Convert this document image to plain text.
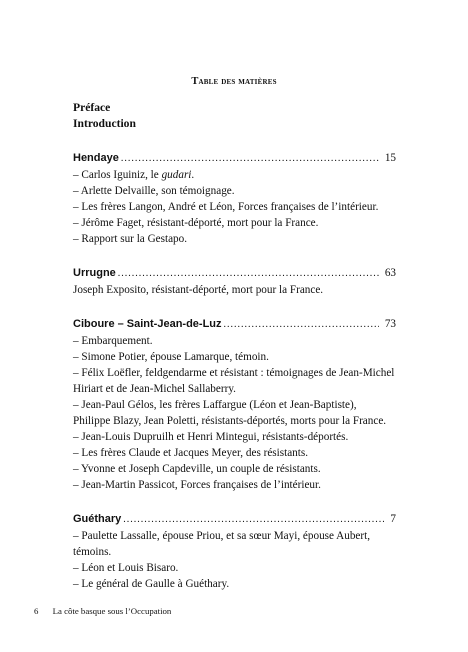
Table des matières
Préface
Introduction
Hendaye .....	15
– Carlos Iguiniz, le gudari.
– Arlette Delvaille, son témoignage.
– Les frères Langon, André et Léon, Forces françaises de l’intérieur.
– Jérôme Faget, résistant-déporté, mort pour la France.
– Rapport sur la Gestapo.
Urrugne .....	63
Joseph Exposito, résistant-déporté, mort pour la France.
Ciboure – Saint-Jean-de-Luz .....	73
– Embarquement.
– Simone Potier, épouse Lamarque, témoin.
– Félix Loëfler, feldgendarme et résistant : témoignages de Jean-Michel Hiriart et de Jean-Michel Sallaberry.
– Jean-Paul Gélos, les frères Laffargue (Léon et Jean-Baptiste), Philippe Blazy, Jean Poletti, résistants-déportés, morts pour la France.
– Jean-Louis Dupruilh et Henri Mintegui, résistants-déportés.
– Les frères Claude et Jacques Meyer, des résistants.
– Yvonne et Joseph Capdeville, un couple de résistants.
– Jean-Martin Passicot, Forces françaises de l’intérieur.
Guéthary .....	7
– Paulette Lassalle, épouse Priou, et sa sœur Mayi, épouse Aubert, témoins.
– Léon et Louis Bisaro.
– Le général de Gaulle à Guéthary.
6 La côte basque sous l’Occupation
